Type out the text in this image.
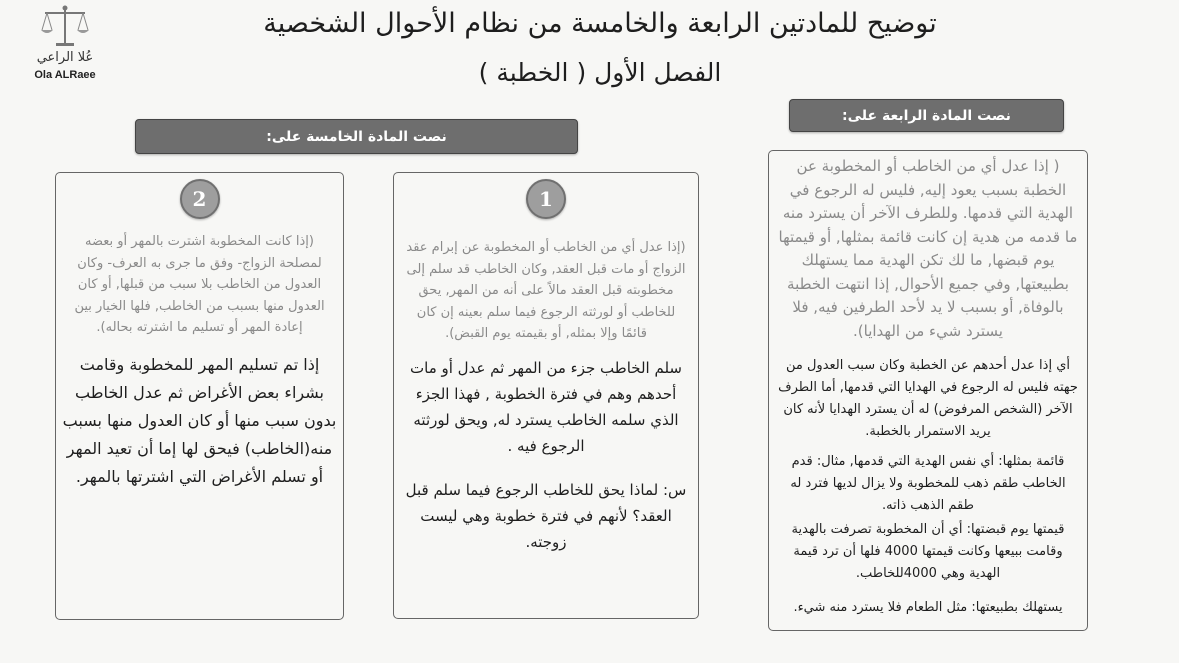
عُلا الراعي
Ola ALRaee
توضيح للمادتين الرابعة والخامسة من نظام الأحوال الشخصية
الفصل الأول ( الخطبة )
نصت المادة الرابعة على:
نصت المادة الخامسة على:

( إذا عدل أي من الخاطب أو المخطوبة عن الخطبة بسبب يعود إليه, فليس له الرجوع في الهدية التي قدمها. وللطرف الآخر أن يسترد منه ما قدمه من هدية إن كانت قائمة بمثلها, أو قيمتها يوم قبضها, ما لك تكن الهدية مما يستهلك بطبيعتها, وفي جميع الأحوال, إذا انتهت الخطبة بالوفاة, أو بسبب لا يد لأحد الطرفين فيه, فلا يسترد شيء من الهدايا).

أي إذا عدل أحدهم عن الخطبة وكان سبب العدول من جهته فليس له الرجوع في الهدايا التي قدمها, أما الطرف الآخر (الشخص المرفوض) له أن يسترد الهدايا لأنه كان يريد الاستمرار بالخطبة.

قائمة بمثلها: أي نفس الهدية التي قدمها, مثال: قدم الخاطب طقم ذهب للمخطوبة ولا يزال لديها فترد له طقم الذهب ذاته.

قيمتها يوم قبضتها: أي أن المخطوبة تصرفت بالهدية وقامت ببيعها وكانت قيمتها 4000 فلها أن ترد قيمة الهدية وهي 4000للخاطب.

يستهلك بطبيعتها: مثل الطعام فلا يسترد منه شيء.

1

(إذا عدل أي من الخاطب أو المخطوبة عن إبرام عقد الزواج أو مات قبل العقد, وكان الخاطب قد سلم إلى مخطوبته قبل العقد مالاً على أنه من المهر, يحق للخاطب أو لورثته الرجوع فيما سلم بعينه إن كان قائمًا وإلا بمثله, أو بقيمته يوم القبض).

سلم الخاطب جزء من المهر ثم عدل أو مات أحدهم وهم في فترة الخطوبة , فهذا الجزء الذي سلمه الخاطب يسترد له, ويحق لورثته الرجوع فيه .

س: لماذا يحق للخاطب الرجوع فيما سلم قبل العقد؟ لأنهم في فترة خطوبة وهي ليست زوجته.

2

(إذا كانت المخطوبة اشترت بالمهر أو بعضه لمصلحة الزواج- وفق ما جرى به العرف- وكان العدول من الخاطب بلا سبب من قبلها, أو كان العدول منها بسبب من الخاطب, فلها الخيار بين إعادة المهر أو تسليم ما اشترته بحاله).

إذا تم تسليم المهر للمخطوبة وقامت بشراء بعض الأغراض ثم عدل الخاطب بدون سبب منها أو كان العدول منها بسبب منه(الخاطب) فيحق لها إما أن تعيد المهر أو تسلم الأغراض التي اشترتها بالمهر.
